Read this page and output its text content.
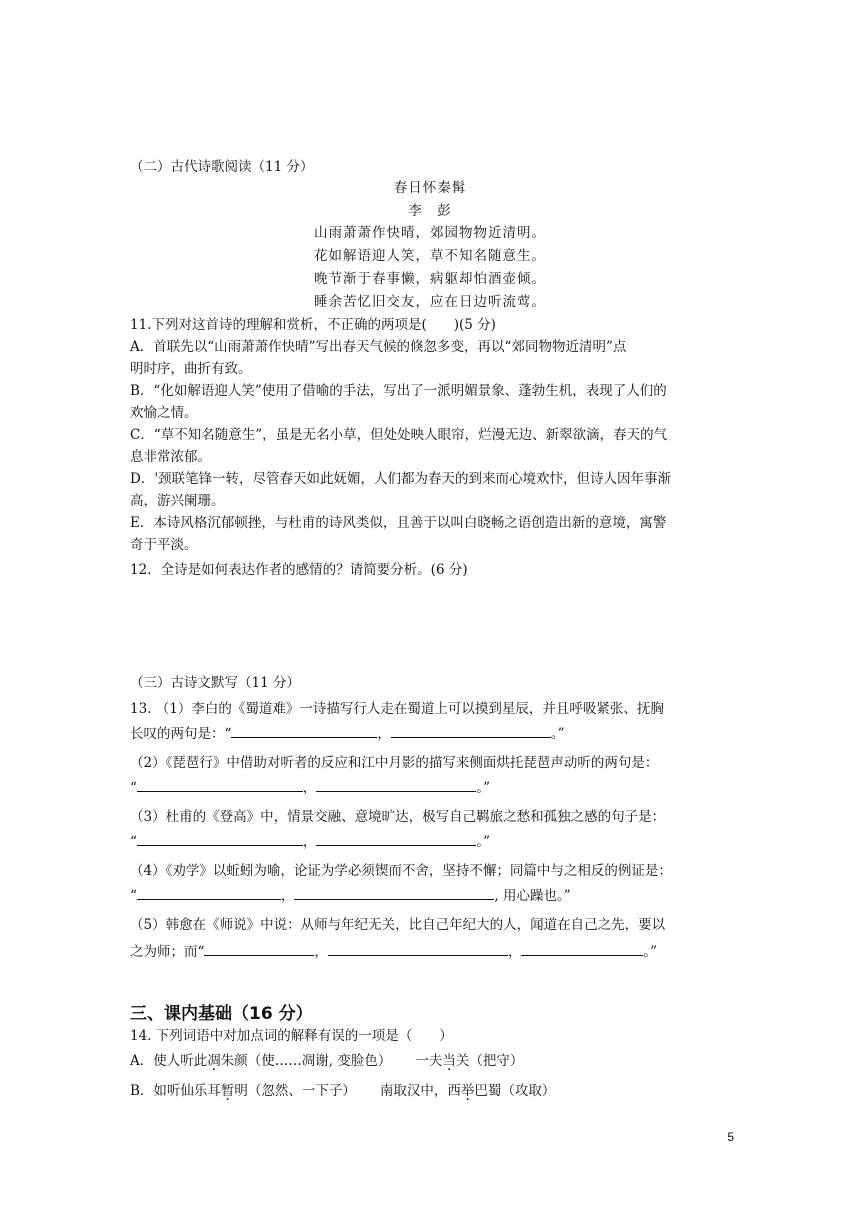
（二）古代诗歌阅读（11 分）
春日怀秦髯
李　彭
山雨萧萧作快晴，郊园物物近清明。
花如解语迎人笑，草不知名随意生。
晚节渐于春事懒，病躯却怕酒壶倾。
睡余苦忆旧交友，应在日边听流莺。
11.下列对这首诗的理解和赏析，不正确的两项是(　　)(5 分)
A．首联先以“山雨萧萧作快晴”写出春天气候的倏忽多变，再以“郊同物物近清明”点
明时序，曲折有致。
B．“化如解语迎人笑”使用了借喻的手法，写出了一派明媚景象、蓬勃生机，表现了人们的
欢愉之情。
C．“草不知名随意生”，虽是无名小草，但处处映人眼帘，烂漫无边、新翠欲滴，春天的气
息非常浓郁。
D．'颈联笔锋一转，尽管春天如此妩媚，人们都为春天的到来而心境欢忭，但诗人因年事渐
高，游兴阑珊。
E．本诗风格沉郁顿挫，与杜甫的诗风类似，且善于以叫白晓畅之语创造出新的意境，寓警
奇于平淡。
12．全诗是如何表达作者的感情的？请简要分析。(6 分)
（三）古诗文默写（11 分）
13. （1）李白的《蜀道难》一诗描写行人走在蜀道上可以摸到星辰，并且呼吸紧张、抚胸
长叹的两句是：“	，	。”
（2）《琵琶行》中借助对听者的反应和江中月影的描写来侧面烘托琵琶声动听的两句是：
“	，	。”
（3）杜甫的《登高》中，情景交融、意境旷达，极写自己羁旅之愁和孤独之感的句子是：
“	，	。”
（4）《劝学》以蚯蚓为喻，论证为学必须锲而不舍，坚持不懈；同篇中与之相反的例证是：
“	，	, 用心躁也。”
（5）韩愈在《师说》中说：从师与年纪无关，比自己年纪大的人，闻道在自己之先，要以
之为师；而“	，	，	。”
三、课内基础（16 分）
14. 下列词语中对加点词的解释有误的一项是（　　）
A．使人听此凋朱颜（使……凋谢, 变脸色） 一夫当关（把守）
B．如听仙乐耳暂明（忽然、一下子） 南取汉中，西举巴蜀（攻取）
5
